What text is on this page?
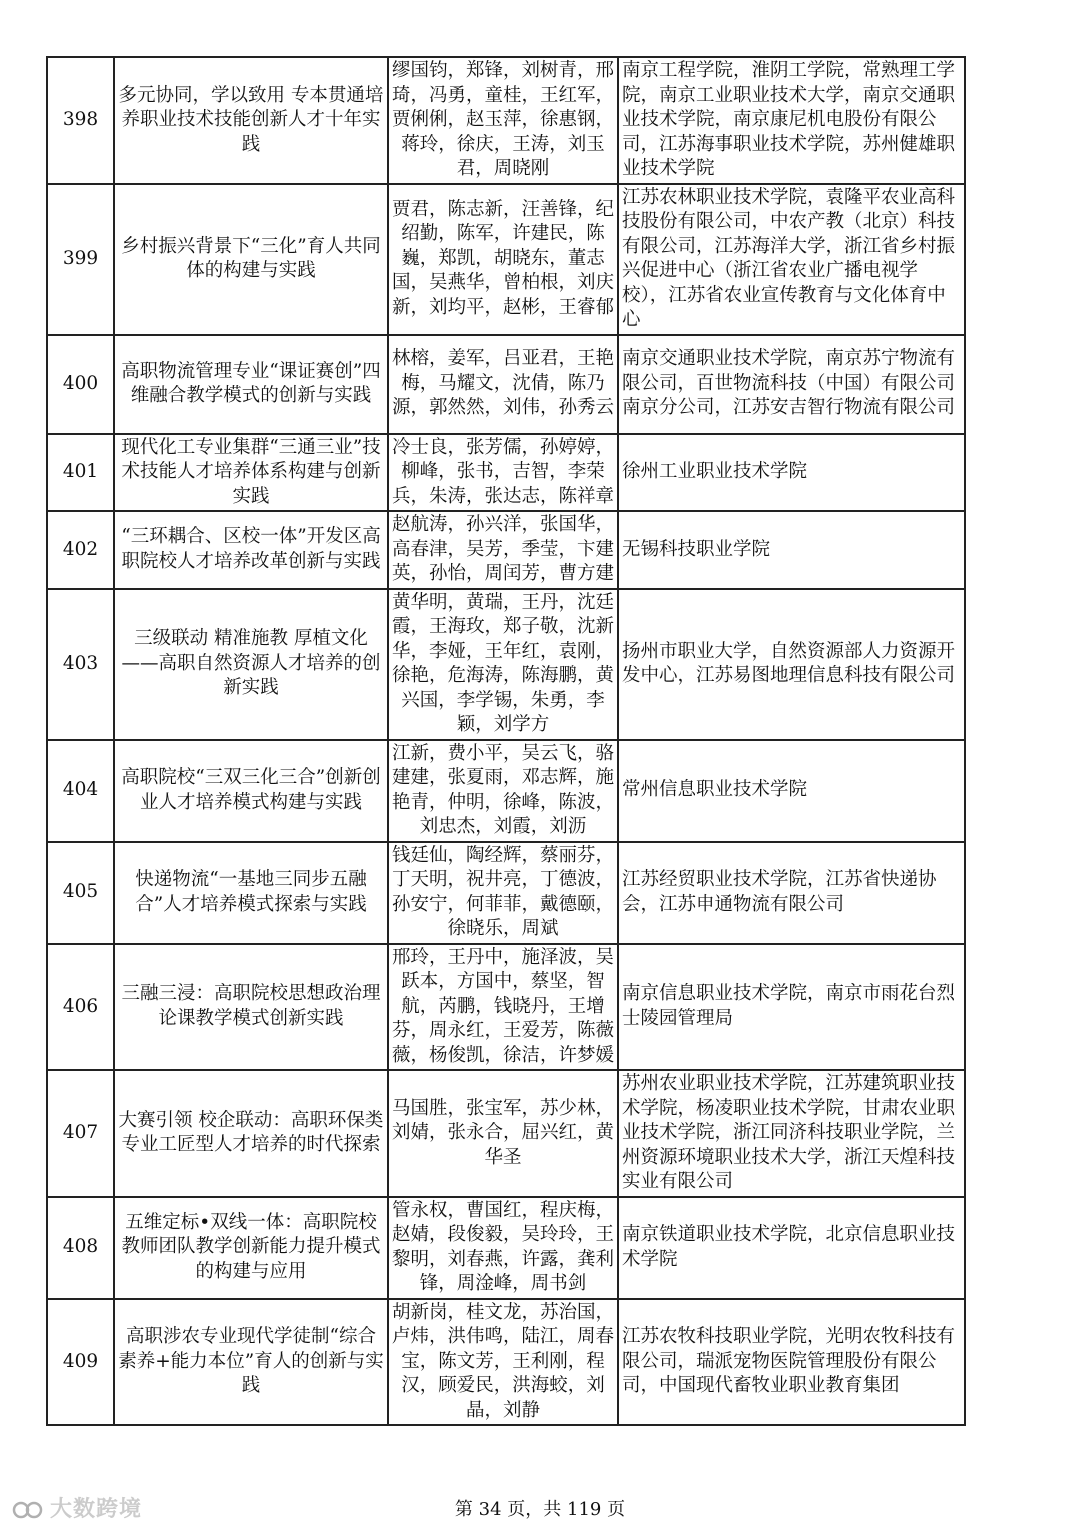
398	多元协同，学以致用 专本贯通培养职业技术技能创新人才十年实践	缪国钧，郑锋，刘树青，邢琦，冯勇，童桂，王红军，贾俐俐，赵玉萍，徐惠钢，蒋玲，徐庆，王涛，刘玉君，周晓刚	南京工程学院，淮阴工学院，常熟理工学院，南京工业职业技术大学，南京交通职业技术学院，南京康尼机电股份有限公司，江苏海事职业技术学院，苏州健雄职业技术学院
399	乡村振兴背景下“三化”育人共同体的构建与实践	贾君，陈志新，汪善锋，纪绍勤，陈军，许建民，陈巍，郑凯，胡晓东，董志国，吴燕华，曾柏根，刘庆新，刘均平，赵彬，王睿郁	江苏农林职业技术学院，袁隆平农业高科技股份有限公司，中农产教（北京）科技有限公司，江苏海洋大学，浙江省乡村振兴促进中心（浙江省农业广播电视学校），江苏省农业宣传教育与文化体育中心
400	高职物流管理专业“课证赛创”四维融合教学模式的创新与实践	林榕，姜军，吕亚君，王艳梅，马耀文，沈倩，陈乃源，郭然然，刘伟，孙秀云	南京交通职业技术学院，南京苏宁物流有限公司，百世物流科技（中国）有限公司南京分公司，江苏安吉智行物流有限公司
401	现代化工专业集群“三通三业”技术技能人才培养体系构建与创新实践	冷士良，张芳儒，孙婷婷，柳峰，张书，吉智，李荣兵，朱涛，张达志，陈祥章	徐州工业职业技术学院
402	“三环耦合、区校一体”开发区高职院校人才培养改革创新与实践	赵航涛，孙兴洋，张国华，高春津，吴芳，季莹，卞建英，孙怡，周闰芳，曹方建	无锡科技职业学院
403	三级联动 精准施教 厚植文化——高职自然资源人才培养的创新实践	黄华明，黄瑞，王丹，沈廷霞，王海玫，郑子敬，沈新华，李娅，王年红，袁刚，徐艳，危海涛，陈海鹏，黄兴国，李学锡，朱勇，李颖，刘学方	扬州市职业大学，自然资源部人力资源开发中心，江苏易图地理信息科技有限公司
404	高职院校“三双三化三合”创新创业人才培养模式构建与实践	江新，费小平，吴云飞，骆建建，张夏雨，邓志辉，施艳青，仲明，徐峰，陈波，刘忠杰，刘霞，刘沥	常州信息职业技术学院
405	快递物流“一基地三同步五融合”人才培养模式探索与实践	钱廷仙，陶经辉，蔡丽芬，丁天明，祝井亮，丁德波，孙安宁，何菲菲，戴德颐，徐晓乐，周斌	江苏经贸职业技术学院，江苏省快递协会，江苏申通物流有限公司
406	三融三浸：高职院校思想政治理论课教学模式创新实践	邢玲，王丹中，施泽波，吴跃本，方国中，蔡坚，智航，芮鹏，钱晓丹，王增芬，周永红，王爱芳，陈薇薇，杨俊凯，徐洁，许梦媛	南京信息职业技术学院，南京市雨花台烈士陵园管理局
407	大赛引领 校企联动：高职环保类专业工匠型人才培养的时代探索	马国胜，张宝军，苏少林，刘婧，张永合，屈兴红，黄华圣	苏州农业职业技术学院，江苏建筑职业技术学院，杨凌职业技术学院，甘肃农业职业技术学院，浙江同济科技职业学院，兰州资源环境职业技术大学，浙江天煌科技实业有限公司
408	五维定标•双线一体：高职院校教师团队教学创新能力提升模式的构建与应用	管永权，曹国红，程庆梅，赵婧，段俊毅，吴玲玲，王黎明，刘春燕，许露，龚利锋，周淦峰，周书剑	南京铁道职业技术学院，北京信息职业技术学院
409	高职涉农专业现代学徒制“综合素养+能力本位”育人的创新与实践	胡新岗，桂文龙，苏治国，卢炜，洪伟鸣，陆江，周春宝，陈文芳，王利刚，程汉，顾爱民，洪海蛟，刘晶，刘静	江苏农牧科技职业学院，光明农牧科技有限公司，瑞派宠物医院管理股份有限公司，中国现代畜牧业职业教育集团
大数跨境	第 34 页，共 119 页
